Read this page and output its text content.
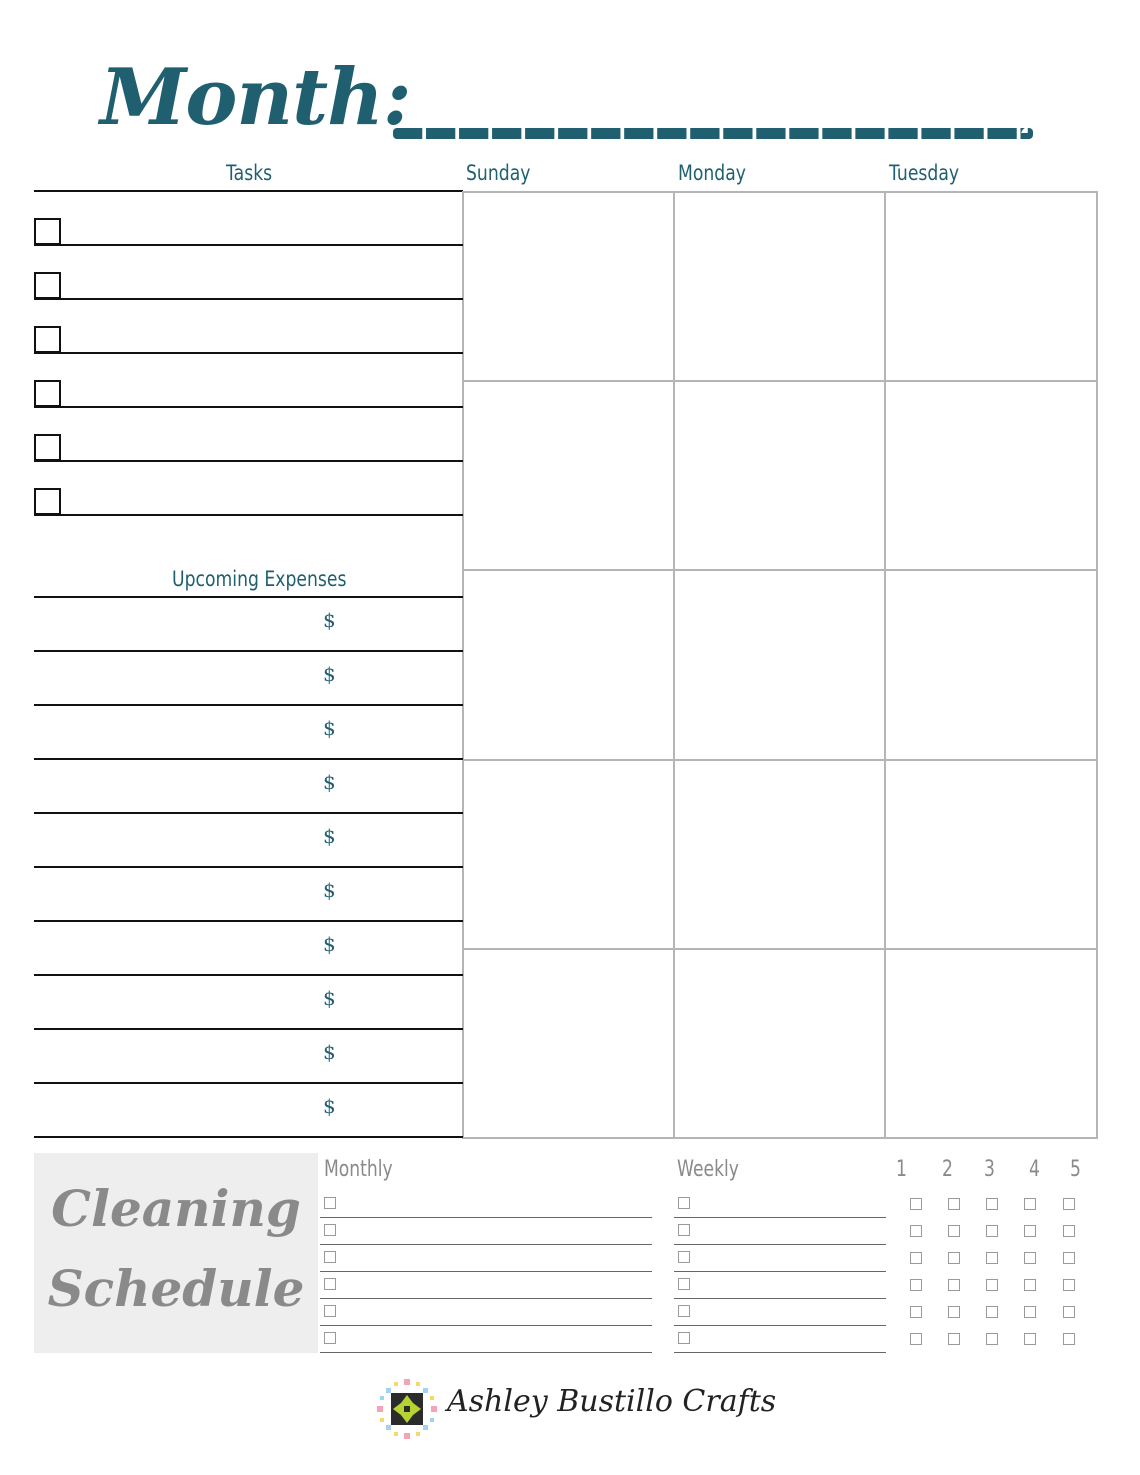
Month:
Tasks	Sunday	Monday	Tuesday
Upcoming Expenses
Cleaning
Schedule
Monthly	Weekly	1 2 3 4 5
Ashley Bustillo Crafts
$
$
$
$
$
$
$
$
$
$
